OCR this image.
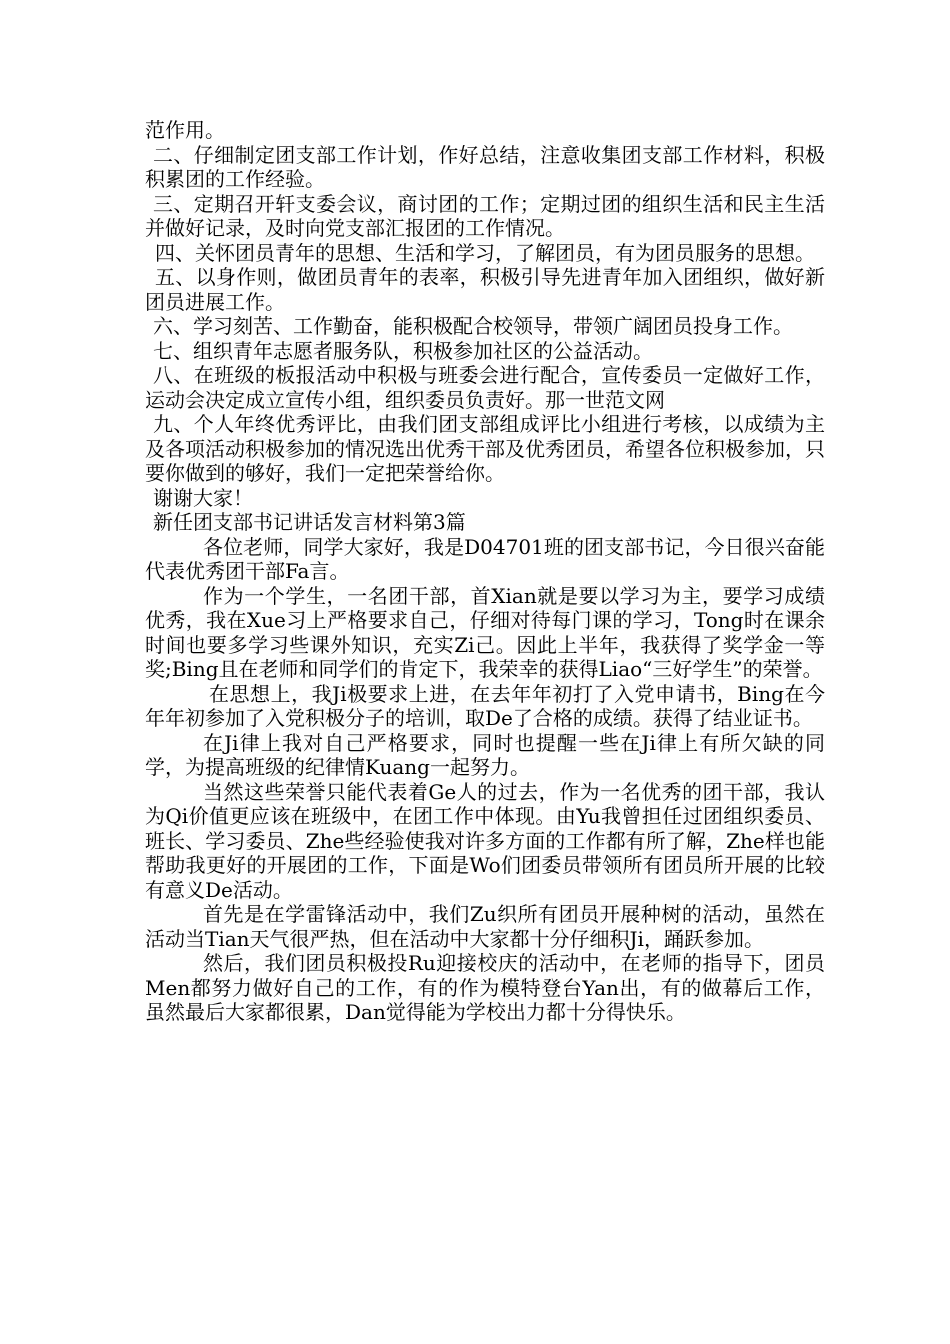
范作用。

二、仔细制定团支部工作计划，作好总结，注意收集团支部工作材料，积极积累团的工作经验。

三、定期召开轩支委会议，商讨团的工作；定期过团的组织生活和民主生活并做好记录，及时向党支部汇报团的工作情况。

四、关怀团员青年的思想、生活和学习，了解团员，有为团员服务的思想。

五、以身作则，做团员青年的表率，积极引导先进青年加入团组织，做好新团员进展工作。

六、学习刻苦、工作勤奋，能积极配合校领导，带领广阔团员投身工作。

七、组织青年志愿者服务队，积极参加社区的公益活动。

八、在班级的板报活动中积极与班委会进行配合，宣传委员一定做好工作，运动会决定成立宣传小组，组织委员负责好。那一世范文网

九、个人年终优秀评比，由我们团支部组成评比小组进行考核，以成绩为主及各项活动积极参加的情况选出优秀干部及优秀团员，希望各位积极参加，只要你做到的够好，我们一定把荣誉给你。

谢谢大家！

新任团支部书记讲话发言材料第3篇

各位老师，同学大家好，我是D04701班的团支部书记，今日很兴奋能代表优秀团干部Fa言。

作为一个学生，一名团干部，首Xian就是要以学习为主，要学习成绩优秀，我在Xue习上严格要求自己，仔细对待每门课的学习，Tong时在课余时间也要多学习些课外知识，充实Zi己。因此上半年，我获得了奖学金一等奖;Bing且在老师和同学们的肯定下，我荣幸的获得Liao“三好学生”的荣誉。

在思想上，我Ji极要求上进，在去年年初打了入党申请书，Bing在今年年初参加了入党积极分子的培训，取De了合格的成绩。获得了结业证书。

在Ji律上我对自己严格要求，同时也提醒一些在Ji律上有所欠缺的同学，为提高班级的纪律情Kuang一起努力。

当然这些荣誉只能代表着Ge人的过去，作为一名优秀的团干部，我认为Qi价值更应该在班级中，在团工作中体现。由Yu我曾担任过团组织委员、班长、学习委员、Zhe些经验使我对许多方面的工作都有所了解，Zhe样也能帮助我更好的开展团的工作，下面是Wo们团委员带领所有团员所开展的比较有意义De活动。

首先是在学雷锋活动中，我们Zu织所有团员开展种树的活动，虽然在活动当Tian天气很严热，但在活动中大家都十分仔细积Ji，踊跃参加。

然后，我们团员积极投Ru迎接校庆的活动中，在老师的指导下，团员Men都努力做好自己的工作，有的作为模特登台Yan出，有的做幕后工作，虽然最后大家都很累，Dan觉得能为学校出力都十分得快乐。
